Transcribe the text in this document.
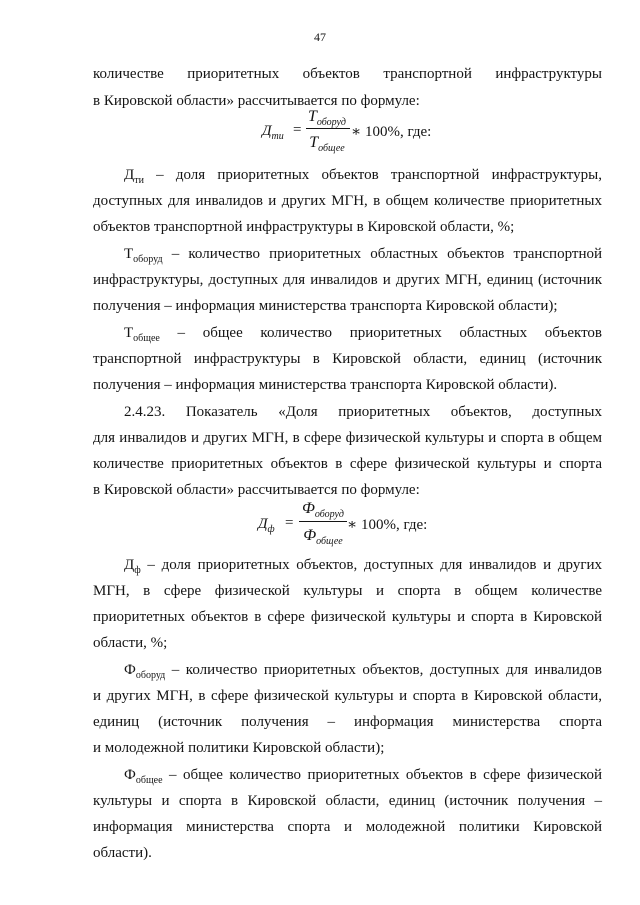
47

количестве приоритетных объектов транспортной инфраструктуры

в Кировской области» рассчитывается по формуле:

$Д_{ти}$ =
$Т_{оборуд}$
$Т_{общее}$
∗ 100%, где:

$Д_{ти}$ – доля приоритетных объектов транспортной инфраструктуры,

доступных для инвалидов и других МГН, в общем количестве приоритетных

объектов транспортной инфраструктуры в Кировской области, %;

$Т_{оборуд}$ – количество приоритетных областных объектов транспортной

инфраструктуры, доступных для инвалидов и других МГН, единиц (источник

получения – информация министерства транспорта Кировской области);

$Т_{общее}$ – общее количество приоритетных областных объектов

транспортной инфраструктуры в Кировской области, единиц (источник

получения – информация министерства транспорта Кировской области).

2.4.23. Показатель «Доля приоритетных объектов, доступных

для инвалидов и других МГН, в сфере физической культуры и спорта в общем

количестве приоритетных объектов в сфере физической культуры и спорта

в Кировской области» рассчитывается по формуле:

$Д_ф$ =
$Ф_{оборуд}$
$Ф_{общее}$
∗ 100%, где:

$Д_ф$ – доля приоритетных объектов, доступных для инвалидов и других

МГН, в сфере физической культуры и спорта в общем количестве

приоритетных объектов в сфере физической культуры и спорта в Кировской

области, %;

$Ф_{оборуд}$ – количество приоритетных объектов, доступных для инвалидов

и других МГН, в сфере физической культуры и спорта в Кировской области,

единиц (источник получения – информация министерства спорта

и молодежной политики Кировской области);

$Ф_{общее}$ – общее количество приоритетных объектов в сфере физической

культуры и спорта в Кировской области, единиц (источник получения –

информация министерства спорта и молодежной политики Кировской

области).
